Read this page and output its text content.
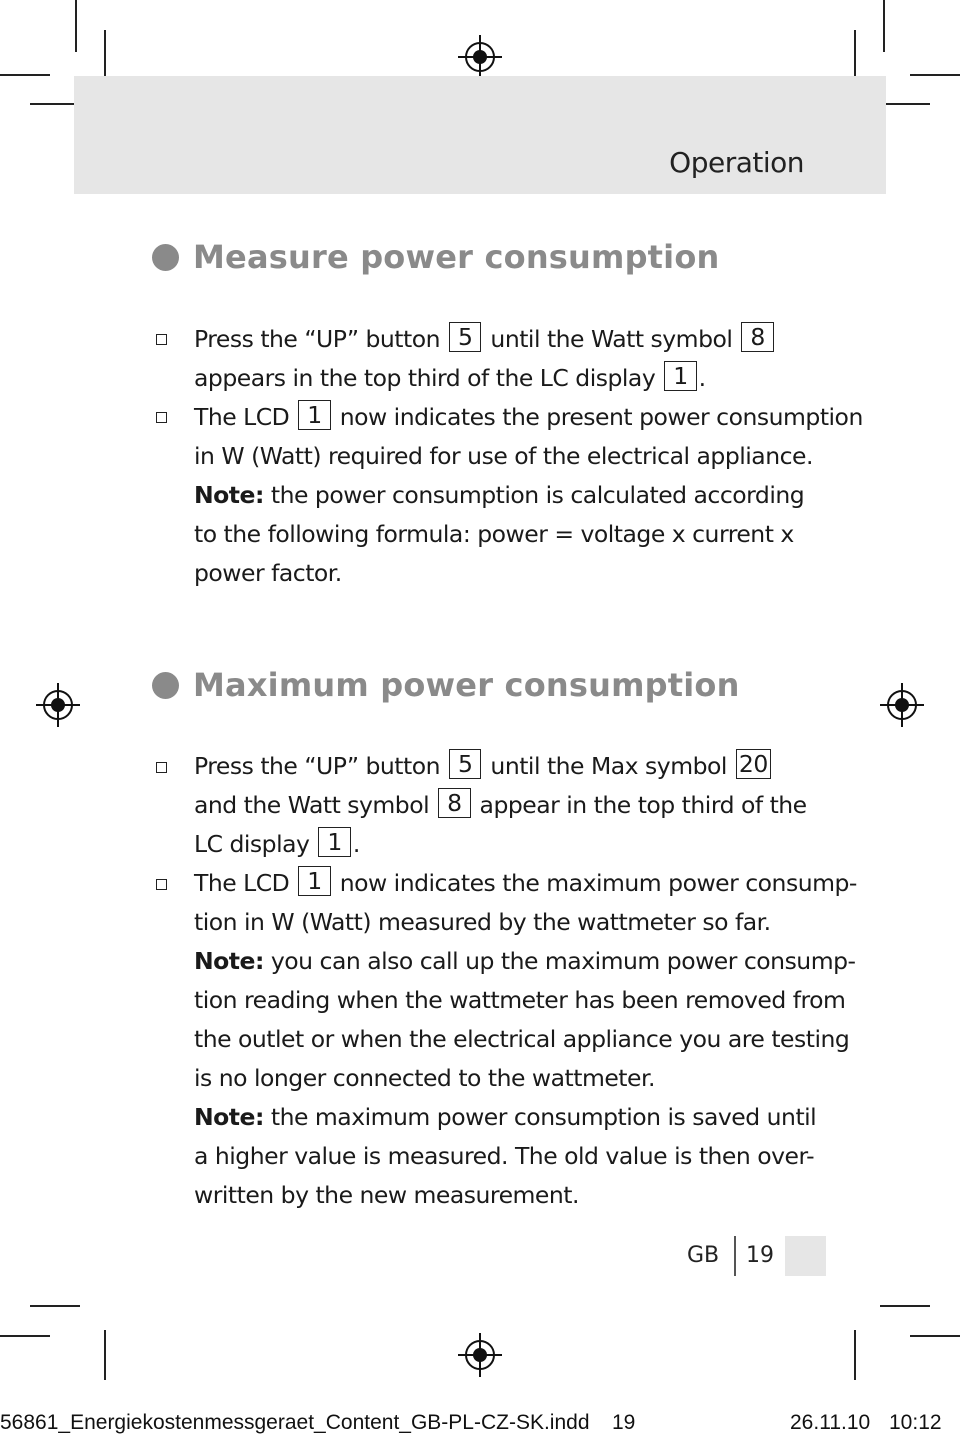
Operation
Measure power consumption
Press the “UP” button 5 until the Watt symbol 8
appears in the top third of the LC display 1 .
The LCD 1 now indicates the present power consumption
in W (Watt) required for use of the electrical appliance.
Note: the power consumption is calculated according
to the following formula: power = voltage x current x
power factor.
Maximum power consumption
Press the “UP” button 5 until the Max symbol 20
and the Watt symbol 8 appear in the top third of the
LC display 1 .
The LCD 1 now indicates the maximum power consump-
tion in W (Watt) measured by the wattmeter so far.
Note: you can also call up the maximum power consump-
tion reading when the wattmeter has been removed from
the outlet or when the electrical appliance you are testing
is no longer connected to the wattmeter.
Note: the maximum power consumption is saved until
a higher value is measured. The old value is then over-
written by the new measurement.
GB 19
56861_Energiekostenmessgeraet_Content_GB-PL-CZ-SK.indd 19	26.11.10 10:12
